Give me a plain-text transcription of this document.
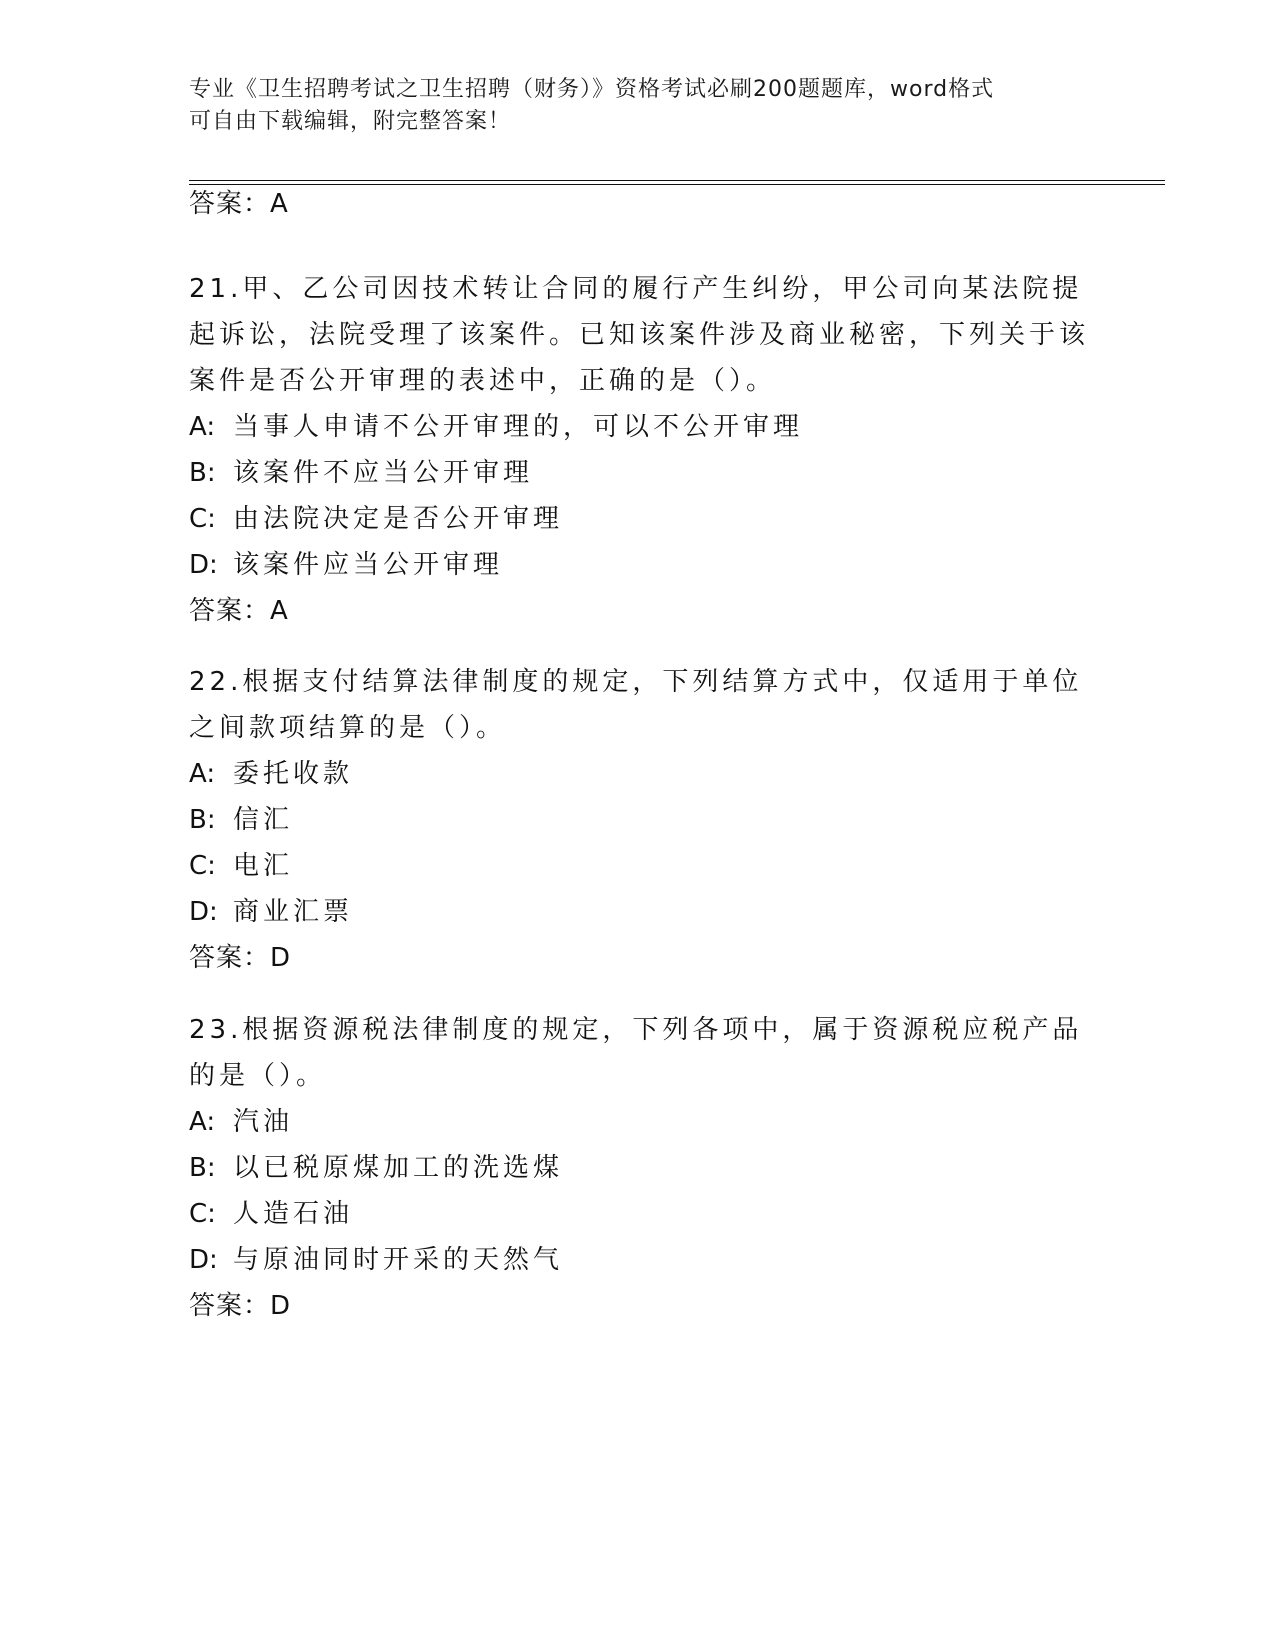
专业《卫生招聘考试之卫生招聘（财务）》资格考试必刷200题题库，word格式
可自由下载编辑，附完整答案！
答案：A
21.甲、乙公司因技术转让合同的履行产生纠纷，甲公司向某法院提起诉讼，法院受理了该案件。已知该案件涉及商业秘密，下列关于该案件是否公开审理的表述中，正确的是（）。
A: 当事人申请不公开审理的，可以不公开审理
B: 该案件不应当公开审理
C: 由法院决定是否公开审理
D: 该案件应当公开审理
答案：A
22.根据支付结算法律制度的规定，下列结算方式中，仅适用于单位之间款项结算的是（）。
A: 委托收款
B: 信汇
C: 电汇
D: 商业汇票
答案：D
23.根据资源税法律制度的规定，下列各项中，属于资源税应税产品的是（）。
A: 汽油
B: 以已税原煤加工的洗选煤
C: 人造石油
D: 与原油同时开采的天然气
答案：D
